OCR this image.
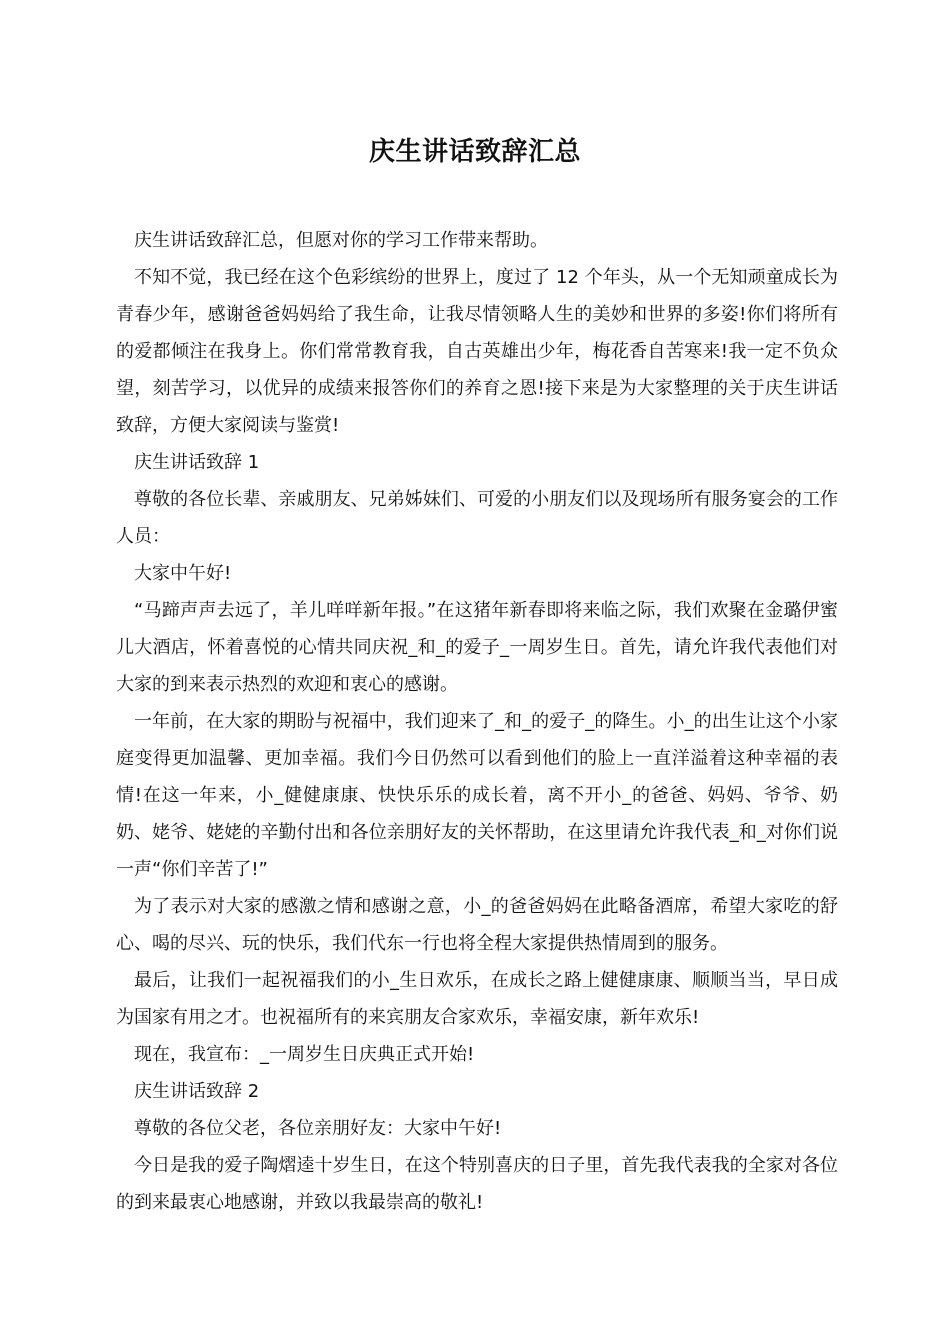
庆生讲话致辞汇总

庆生讲话致辞汇总，但愿对你的学习工作带来帮助。

不知不觉，我已经在这个色彩缤纷的世界上，度过了 12 个年头，从一个无知顽童成长为青春少年，感谢爸爸妈妈给了我生命，让我尽情领略人生的美妙和世界的多姿!你们将所有的爱都倾注在我身上。你们常常教育我，自古英雄出少年，梅花香自苦寒来!我一定不负众望，刻苦学习，以优异的成绩来报答你们的养育之恩!接下来是为大家整理的关于庆生讲话致辞，方便大家阅读与鉴赏!

庆生讲话致辞 1

尊敬的各位长辈、亲戚朋友、兄弟姊妹们、可爱的小朋友们以及现场所有服务宴会的工作人员：

大家中午好!

“马蹄声声去远了，羊儿咩咩新年报。”在这猪年新春即将来临之际，我们欢聚在金璐伊蜜儿大酒店，怀着喜悦的心情共同庆祝_和_的爱子_一周岁生日。首先，请允许我代表他们对大家的到来表示热烈的欢迎和衷心的感谢。

一年前，在大家的期盼与祝福中，我们迎来了_和_的爱子_的降生。小_的出生让这个小家庭变得更加温馨、更加幸福。我们今日仍然可以看到他们的脸上一直洋溢着这种幸福的表情!在这一年来，小_健健康康、快快乐乐的成长着，离不开小_的爸爸、妈妈、爷爷、奶奶、姥爷、姥姥的辛勤付出和各位亲朋好友的关怀帮助，在这里请允许我代表_和_对你们说一声“你们辛苦了!”

为了表示对大家的感激之情和感谢之意，小_的爸爸妈妈在此略备酒席，希望大家吃的舒心、喝的尽兴、玩的快乐，我们代东一行也将全程大家提供热情周到的服务。

最后，让我们一起祝福我们的小_生日欢乐，在成长之路上健健康康、顺顺当当，早日成为国家有用之才。也祝福所有的来宾朋友合家欢乐，幸福安康，新年欢乐!

现在，我宣布：_一周岁生日庆典正式开始!

庆生讲话致辞 2

尊敬的各位父老，各位亲朋好友：大家中午好!

今日是我的爱子陶熠逵十岁生日，在这个特别喜庆的日子里，首先我代表我的全家对各位的到来最衷心地感谢，并致以我最崇高的敬礼!
